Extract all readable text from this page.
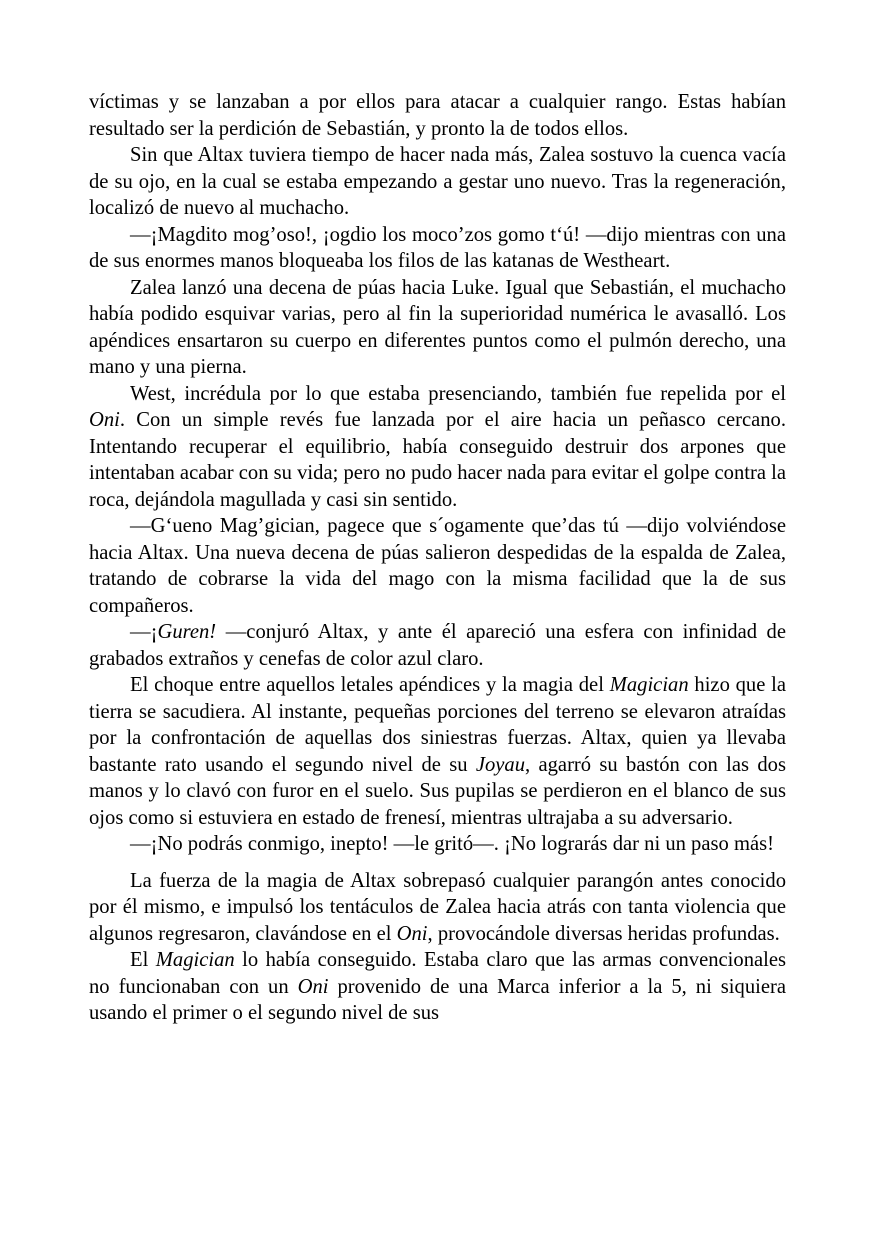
víctimas y se lanzaban a por ellos para atacar a cualquier rango. Estas habían resultado ser la perdición de Sebastián, y pronto la de todos ellos.

Sin que Altax tuviera tiempo de hacer nada más, Zalea sostuvo la cuenca vacía de su ojo, en la cual se estaba empezando a gestar uno nuevo. Tras la regeneración, localizó de nuevo al muchacho.

—¡Magdito mog’oso!, ¡ogdio los moco’zos gomo t‘ú! —dijo mientras con una de sus enormes manos bloqueaba los filos de las katanas de Westheart.

Zalea lanzó una decena de púas hacia Luke. Igual que Sebastián, el muchacho había podido esquivar varias, pero al fin la superioridad numérica le avasalló. Los apéndices ensartaron su cuerpo en diferentes puntos como el pulmón derecho, una mano y una pierna.

West, incrédula por lo que estaba presenciando, también fue repelida por el Oni. Con un simple revés fue lanzada por el aire hacia un peñasco cercano. Intentando recuperar el equilibrio, había conseguido destruir dos arpones que intentaban acabar con su vida; pero no pudo hacer nada para evitar el golpe contra la roca, dejándola magullada y casi sin sentido.

—G‘ueno Mag’gician, pagece que s´ogamente que’das tú —dijo volviéndose hacia Altax. Una nueva decena de púas salieron despedidas de la espalda de Zalea, tratando de cobrarse la vida del mago con la misma facilidad que la de sus compañeros.

—¡Guren! —conjuró Altax, y ante él apareció una esfera con infinidad de grabados extraños y cenefas de color azul claro.

El choque entre aquellos letales apéndices y la magia del Magician hizo que la tierra se sacudiera. Al instante, pequeñas porciones del terreno se elevaron atraídas por la confrontación de aquellas dos siniestras fuerzas. Altax, quien ya llevaba bastante rato usando el segundo nivel de su Joyau, agarró su bastón con las dos manos y lo clavó con furor en el suelo. Sus pupilas se perdieron en el blanco de sus ojos como si estuviera en estado de frenesí, mientras ultrajaba a su adversario.

—¡No podrás conmigo, inepto! —le gritó—. ¡No lograrás dar ni un paso más!

La fuerza de la magia de Altax sobrepasó cualquier parangón antes conocido por él mismo, e impulsó los tentáculos de Zalea hacia atrás con tanta violencia que algunos regresaron, clavándose en el Oni, provocándole diversas heridas profundas.

El Magician lo había conseguido. Estaba claro que las armas convencionales no funcionaban con un Oni provenido de una Marca inferior a la 5, ni siquiera usando el primer o el segundo nivel de sus
